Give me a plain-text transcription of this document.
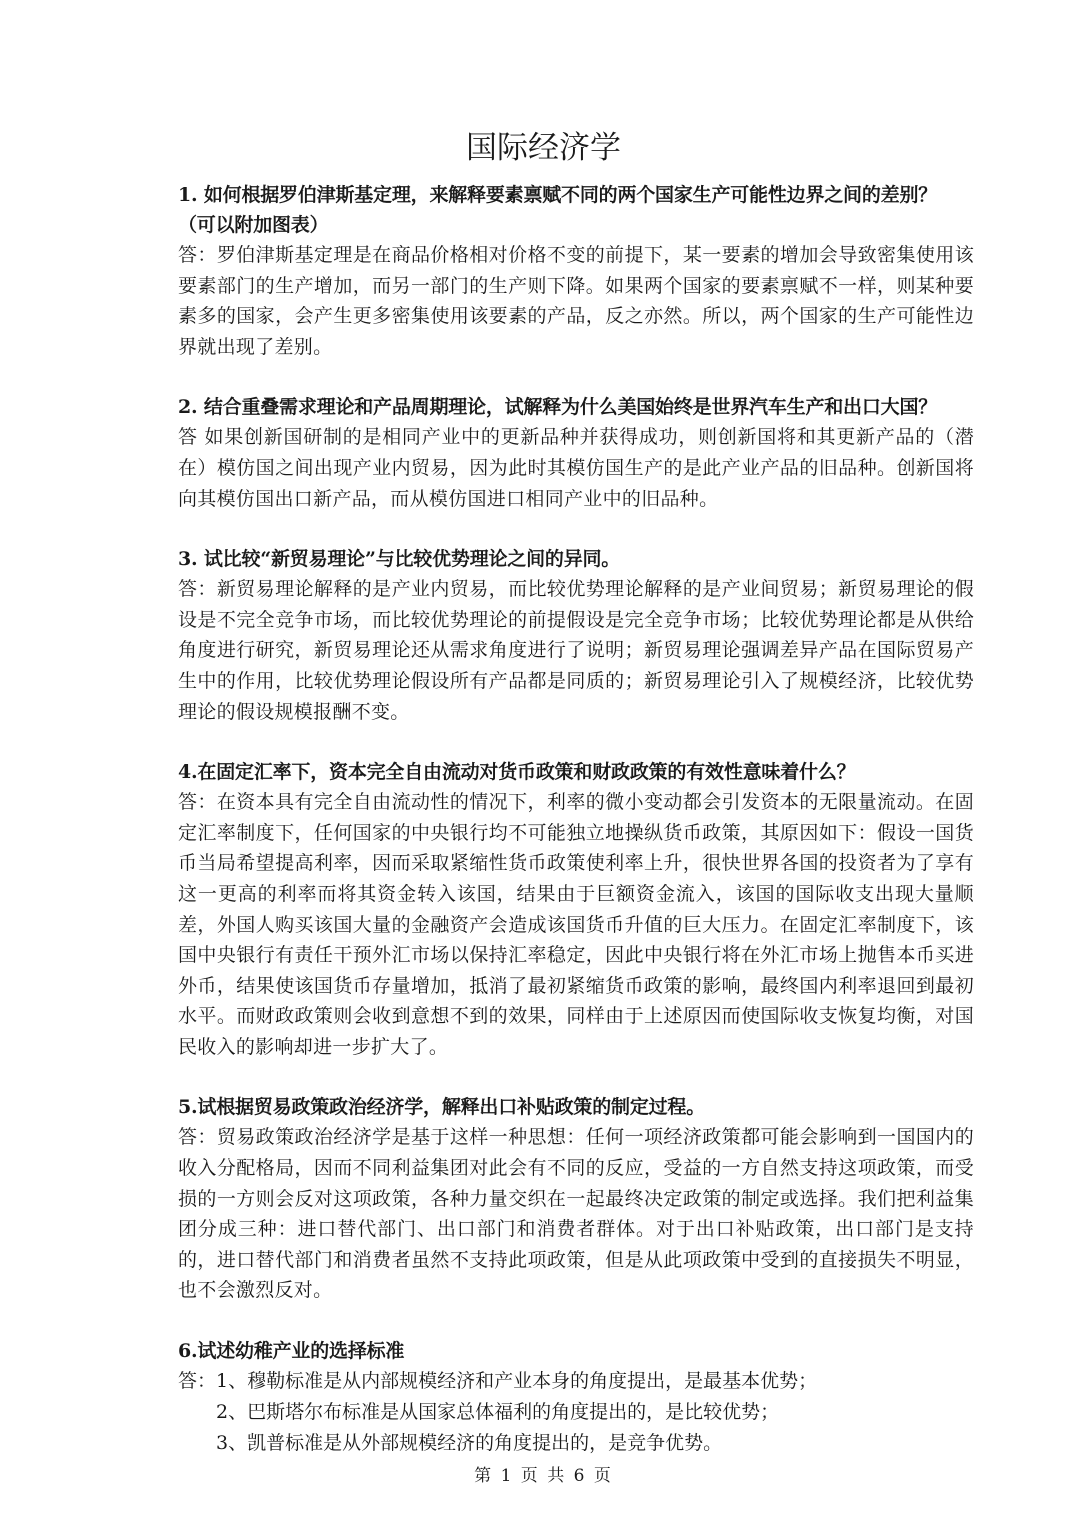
国际经济学

1. 如何根据罗伯津斯基定理，来解释要素禀赋不同的两个国家生产可能性边界之间的差别？（可以附加图表）

答：罗伯津斯基定理是在商品价格相对价格不变的前提下，某一要素的增加会导致密集使用该要素部门的生产增加，而另一部门的生产则下降。如果两个国家的要素禀赋不一样，则某种要素多的国家，会产生更多密集使用该要素的产品，反之亦然。所以，两个国家的生产可能性边界就出现了差别。

2. 结合重叠需求理论和产品周期理论，试解释为什么美国始终是世界汽车生产和出口大国？

答 如果创新国研制的是相同产业中的更新品种并获得成功，则创新国将和其更新产品的（潜在）模仿国之间出现产业内贸易，因为此时其模仿国生产的是此产业产品的旧品种。创新国将向其模仿国出口新产品，而从模仿国进口相同产业中的旧品种。

3. 试比较“新贸易理论”与比较优势理论之间的异同。

答：新贸易理论解释的是产业内贸易，而比较优势理论解释的是产业间贸易；新贸易理论的假设是不完全竞争市场，而比较优势理论的前提假设是完全竞争市场；比较优势理论都是从供给角度进行研究，新贸易理论还从需求角度进行了说明；新贸易理论强调差异产品在国际贸易产生中的作用，比较优势理论假设所有产品都是同质的；新贸易理论引入了规模经济，比较优势理论的假设规模报酬不变。

4.在固定汇率下，资本完全自由流动对货币政策和财政政策的有效性意味着什么？

答：在资本具有完全自由流动性的情况下，利率的微小变动都会引发资本的无限量流动。在固定汇率制度下，任何国家的中央银行均不可能独立地操纵货币政策，其原因如下：假设一国货币当局希望提高利率，因而采取紧缩性货币政策使利率上升，很快世界各国的投资者为了享有这一更高的利率而将其资金转入该国，结果由于巨额资金流入，该国的国际收支出现大量顺差，外国人购买该国大量的金融资产会造成该国货币升值的巨大压力。在固定汇率制度下，该国中央银行有责任干预外汇市场以保持汇率稳定，因此中央银行将在外汇市场上抛售本币买进外币，结果使该国货币存量增加，抵消了最初紧缩货币政策的影响，最终国内利率退回到最初水平。而财政政策则会收到意想不到的效果，同样由于上述原因而使国际收支恢复均衡，对国民收入的影响却进一步扩大了。

5.试根据贸易政策政治经济学，解释出口补贴政策的制定过程。

答：贸易政策政治经济学是基于这样一种思想：任何一项经济政策都可能会影响到一国国内的收入分配格局，因而不同利益集团对此会有不同的反应，受益的一方自然支持这项政策，而受损的一方则会反对这项政策，各种力量交织在一起最终决定政策的制定或选择。我们把利益集团分成三种：进口替代部门、出口部门和消费者群体。对于出口补贴政策，出口部门是支持的，进口替代部门和消费者虽然不支持此项政策，但是从此项政策中受到的直接损失不明显，也不会激烈反对。

6.试述幼稚产业的选择标准

答：1、穆勒标准是从内部规模经济和产业本身的角度提出，是最基本优势；

2、巴斯塔尔布标准是从国家总体福利的角度提出的，是比较优势；

3、凯普标准是从外部规模经济的角度提出的，是竞争优势。

第 1 页 共 6 页
